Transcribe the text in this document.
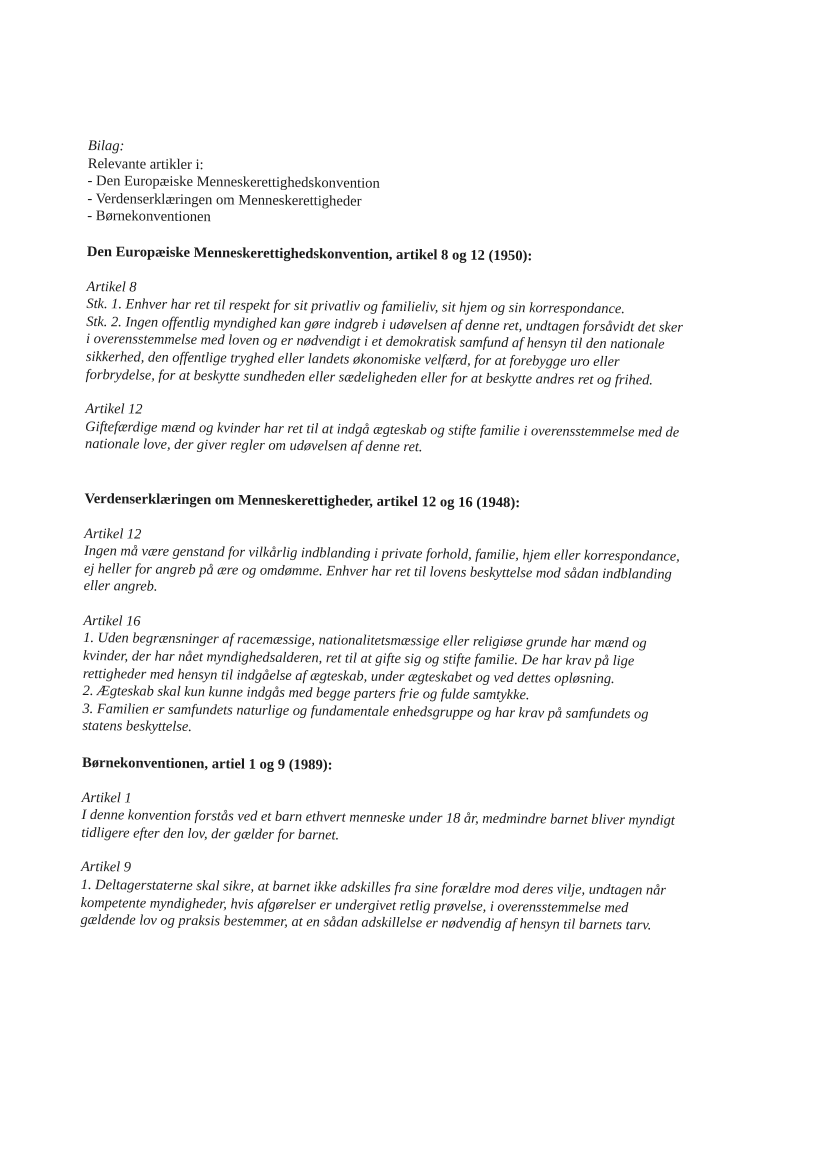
Bilag:
Relevante artikler i:
- Den Europæiske Menneskerettighedskonvention
- Verdenserklæringen om Menneskerettigheder
- Børnekonventionen
Den Europæiske Menneskerettighedskonvention, artikel 8 og 12 (1950):
Artikel 8
Stk. 1. Enhver har ret til respekt for sit privatliv og familieliv, sit hjem og sin korrespondance.
Stk. 2. Ingen offentlig myndighed kan gøre indgreb i udøvelsen af denne ret, undtagen forsåvidt det sker
i overensstemmelse med loven og er nødvendigt i et demokratisk samfund af hensyn til den nationale
sikkerhed, den offentlige tryghed eller landets økonomiske velfærd, for at forebygge uro eller
forbrydelse, for at beskytte sundheden eller sædeligheden eller for at beskytte andres ret og frihed.
Artikel 12
Giftefærdige mænd og kvinder har ret til at indgå ægteskab og stifte familie i overensstemmelse med de
nationale love, der giver regler om udøvelsen af denne ret.
Verdenserklæringen om Menneskerettigheder, artikel 12 og 16 (1948):
Artikel 12
Ingen må være genstand for vilkårlig indblanding i private forhold, familie, hjem eller korrespondance,
ej heller for angreb på ære og omdømme. Enhver har ret til lovens beskyttelse mod sådan indblanding
eller angreb.
Artikel 16
1. Uden begrænsninger af racemæssige, nationalitetsmæssige eller religiøse grunde har mænd og
kvinder, der har nået myndighedsalderen, ret til at gifte sig og stifte familie. De har krav på lige
rettigheder med hensyn til indgåelse af ægteskab, under ægteskabet og ved dettes opløsning.
2. Ægteskab skal kun kunne indgås med begge parters frie og fulde samtykke.
3. Familien er samfundets naturlige og fundamentale enhedsgruppe og har krav på samfundets og
statens beskyttelse.
Børnekonventionen, artiel 1 og 9 (1989):
Artikel 1
I denne konvention forstås ved et barn ethvert menneske under 18 år, medmindre barnet bliver myndigt
tidligere efter den lov, der gælder for barnet.
Artikel 9
1. Deltagerstaterne skal sikre, at barnet ikke adskilles fra sine forældre mod deres vilje, undtagen når
kompetente myndigheder, hvis afgørelser er undergivet retlig prøvelse, i overensstemmelse med
gældende lov og praksis bestemmer, at en sådan adskillelse er nødvendig af hensyn til barnets tarv.
